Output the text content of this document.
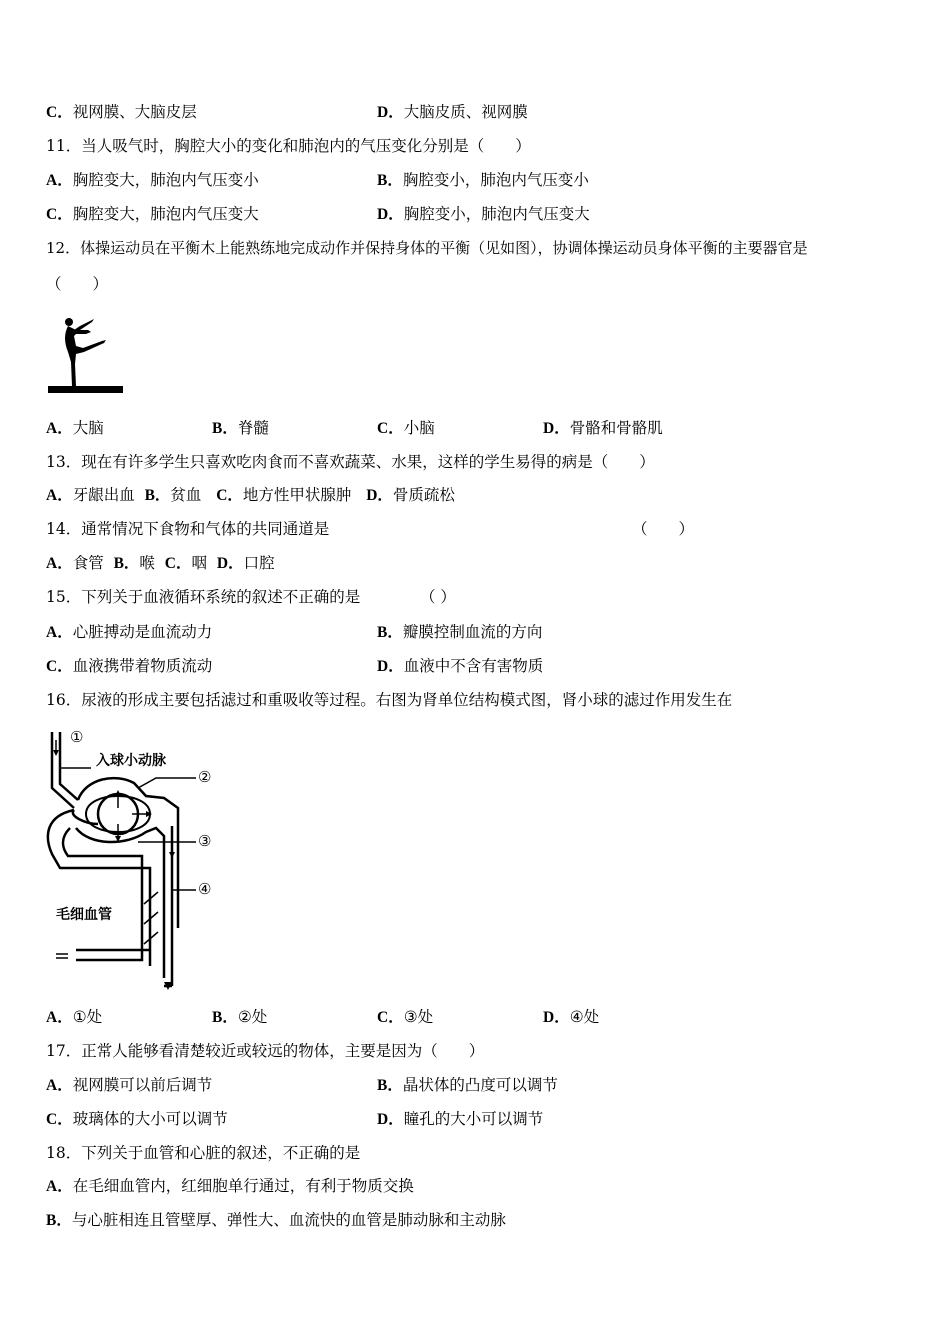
C．视网膜、大脑皮层	D．大脑皮质、视网膜
11．当人吸气时，胸腔大小的变化和肺泡内的气压变化分别是（　　）
A．胸腔变大，肺泡内气压变小	B．胸腔变小，肺泡内气压变小
C．胸腔变大，肺泡内气压变大	D．胸腔变小，肺泡内气压变大
12．体操运动员在平衡木上能熟练地完成动作并保持身体的平衡（见如图），协调体操运动员身体平衡的主要器官是
（　　）
A．大脑	B．脊髓	C．小脑	D．骨骼和骨骼肌
13．现在有许多学生只喜欢吃肉食而不喜欢蔬菜、水果，这样的学生易得的病是（　　）
A．牙龈出血 B．贫血 C．地方性甲状腺肿 D．骨质疏松
14．通常情况下食物和气体的共同通道是	（　　）
A．食管 B．喉 C．咽 D．口腔
15．下列关于血液循环系统的叙述不正确的是	（ ）
A．心脏搏动是血流动力	B．瓣膜控制血流的方向
C．血液携带着物质流动	D．血液中不含有害物质
16．尿液的形成主要包括滤过和重吸收等过程。右图为肾单位结构模式图，肾小球的滤过作用发生在
①
入球小动脉
②
③
④
毛细血管
A．①处	B．②处	C．③处	D．④处
17．正常人能够看清楚较近或较远的物体，主要是因为（　　）
A．视网膜可以前后调节	B．晶状体的凸度可以调节
C．玻璃体的大小可以调节	D．瞳孔的大小可以调节
18．下列关于血管和心脏的叙述，不正确的是
A．在毛细血管内，红细胞单行通过，有利于物质交换
B．与心脏相连且管壁厚、弹性大、血流快的血管是肺动脉和主动脉
